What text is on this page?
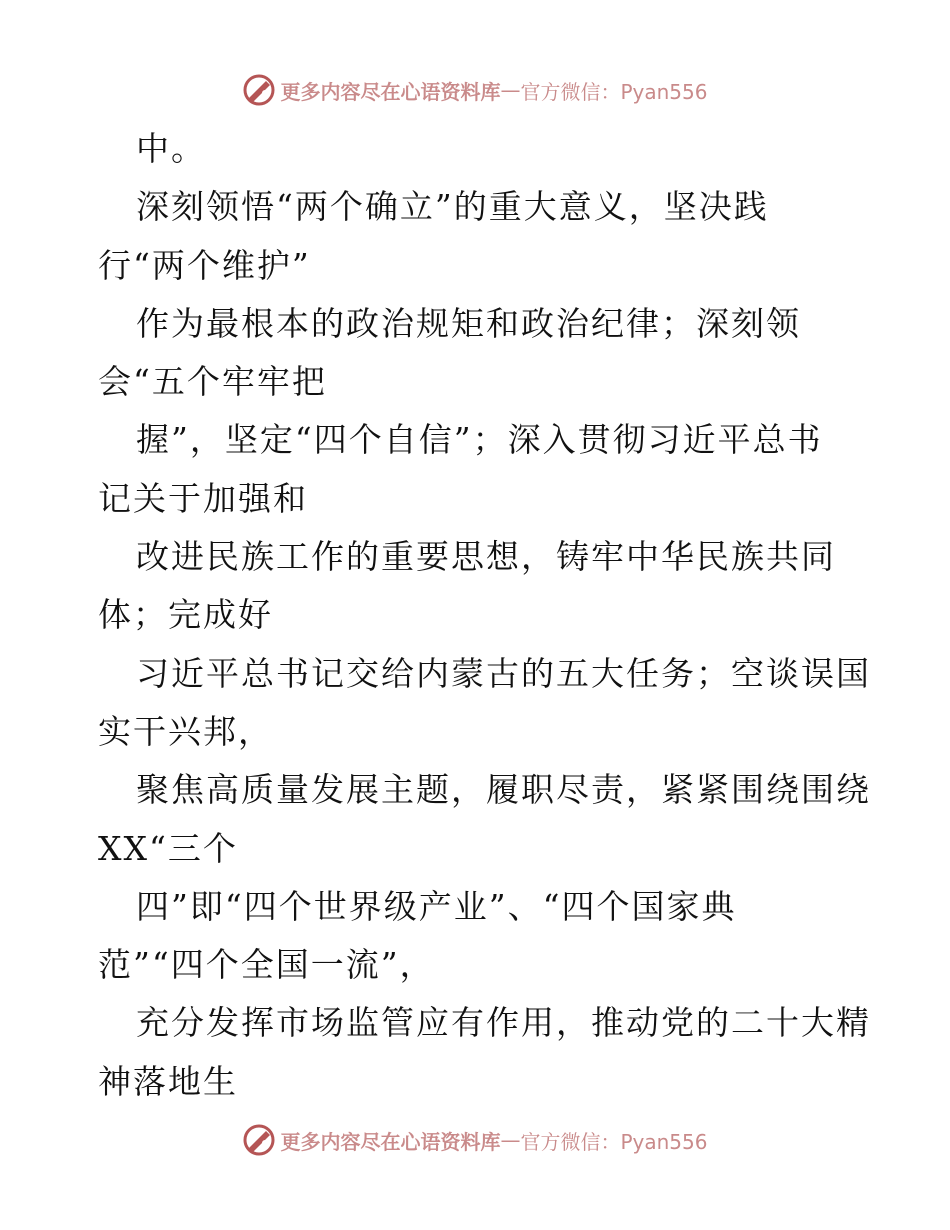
更多内容尽在心语资料库 — 官方微信：Pyan556
中。
深刻领悟“两个确立”的重大意义，坚决践
行“两个维护”
作为最根本的政治规矩和政治纪律；深刻领
会“五个牢牢把
握”，坚定“四个自信”；深入贯彻习近平总书
记关于加强和
改进民族工作的重要思想，铸牢中华民族共同
体；完成好
习近平总书记交给内蒙古的五大任务；空谈误国
实干兴邦，
聚焦高质量发展主题，履职尽责，紧紧围绕围绕
XX“三个
四”即“四个世界级产业”、“四个国家典
范”“四个全国一流”，
充分发挥市场监管应有作用，推动党的二十大精
神落地生
更多内容尽在心语资料库 — 官方微信：Pyan556
